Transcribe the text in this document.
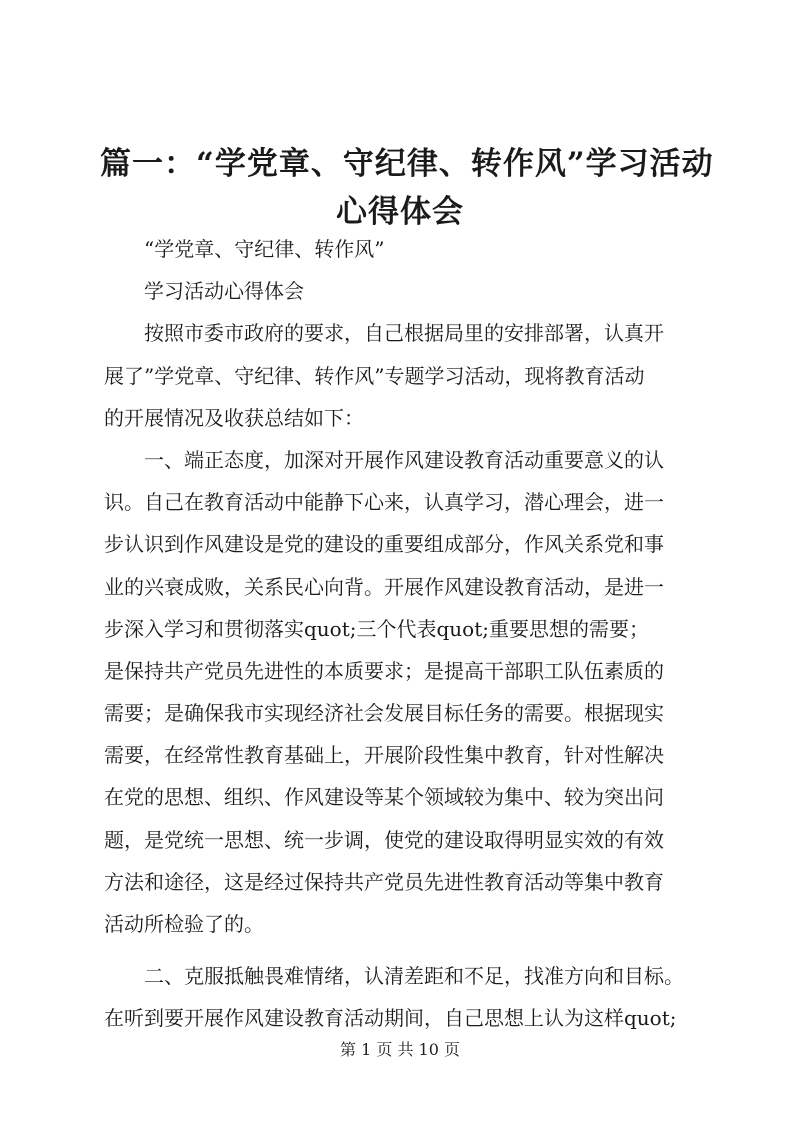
篇一：“学党章、守纪律、转作风”学习活动
心得体会
“学党章、守纪律、转作风”
学习活动心得体会
按照市委市政府的要求，自己根据局里的安排部署，认真开
展了”学党章、守纪律、转作风”专题学习活动，现将教育活动
的开展情况及收获总结如下：
一、端正态度，加深对开展作风建设教育活动重要意义的认
识。自己在教育活动中能静下心来，认真学习，潜心理会，进一
步认识到作风建设是党的建设的重要组成部分，作风关系党和事
业的兴衰成败，关系民心向背。开展作风建设教育活动，是进一
步深入学习和贯彻落实quot;三个代表quot;重要思想的需要；
是保持共产党员先进性的本质要求；是提高干部职工队伍素质的
需要；是确保我市实现经济社会发展目标任务的需要。根据现实
需要，在经常性教育基础上，开展阶段性集中教育，针对性解决
在党的思想、组织、作风建设等某个领域较为集中、较为突出问
题，是党统一思想、统一步调，使党的建设取得明显实效的有效
方法和途径，这是经过保持共产党员先进性教育活动等集中教育
活动所检验了的。
二、克服抵触畏难情绪，认清差距和不足，找准方向和目标。
在听到要开展作风建设教育活动期间，自己思想上认为这样quot;
第 1 页 共 10 页
